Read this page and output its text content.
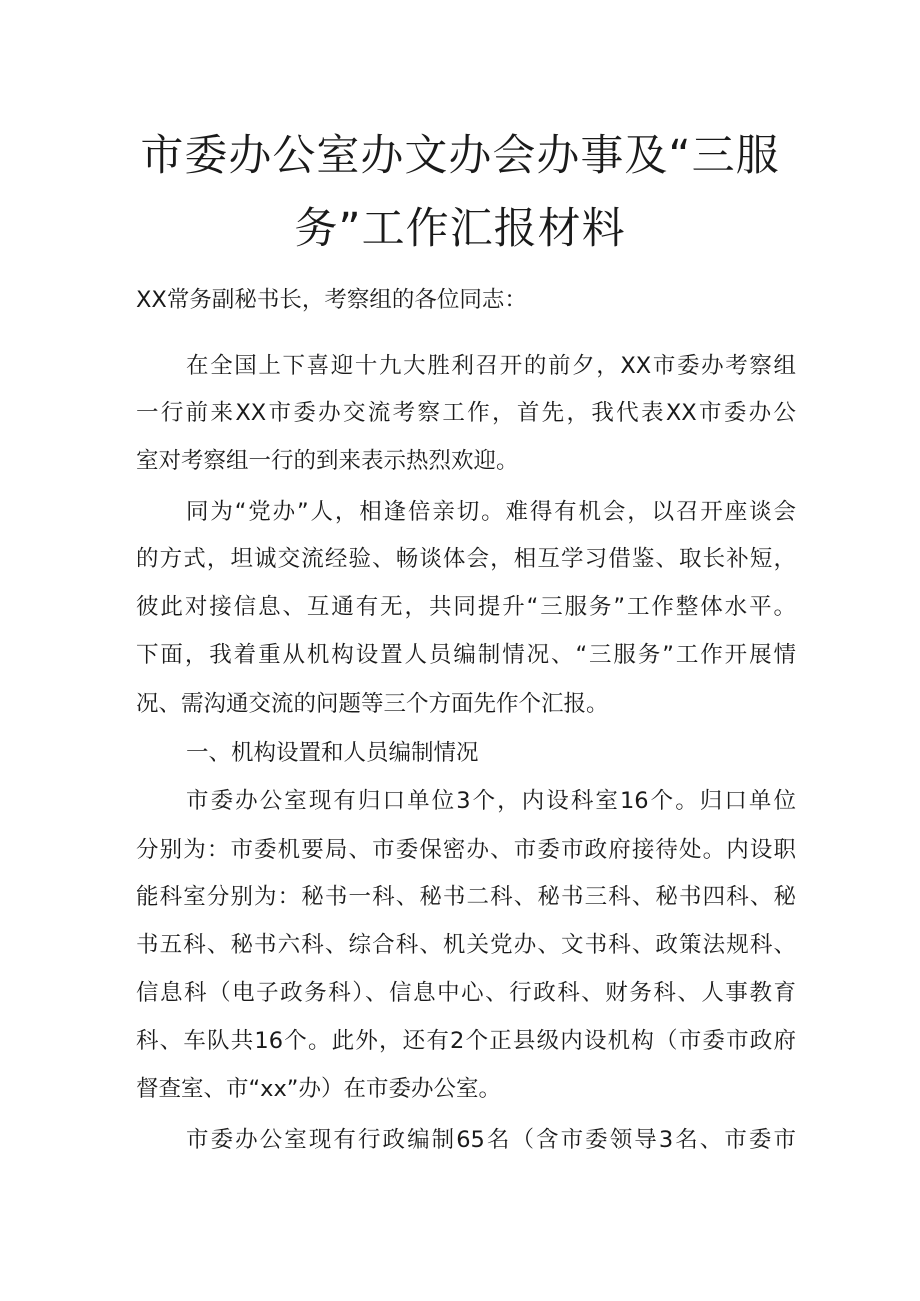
市委办公室办文办会办事及“三服
务”工作汇报材料

XX常务副秘书长，考察组的各位同志：

在全国上下喜迎十九大胜利召开的前夕，XX市委办考察组

一行前来XX市委办交流考察工作，首先，我代表XX市委办公

室对考察组一行的到来表示热烈欢迎。

同为“党办”人，相逢倍亲切。难得有机会，以召开座谈会

的方式，坦诚交流经验、畅谈体会，相互学习借鉴、取长补短，

彼此对接信息、互通有无，共同提升“三服务”工作整体水平。

下面，我着重从机构设置人员编制情况、“三服务”工作开展情

况、需沟通交流的问题等三个方面先作个汇报。

一、机构设置和人员编制情况

市委办公室现有归口单位3个，内设科室16个。归口单位

分别为：市委机要局、市委保密办、市委市政府接待处。内设职

能科室分别为：秘书一科、秘书二科、秘书三科、秘书四科、秘

书五科、秘书六科、综合科、机关党办、文书科、政策法规科、

信息科（电子政务科）、信息中心、行政科、财务科、人事教育

科、车队共16个。此外，还有2个正县级内设机构（市委市政府

督查室、市“xx”办）在市委办公室。

市委办公室现有行政编制65名（含市委领导3名、市委市
